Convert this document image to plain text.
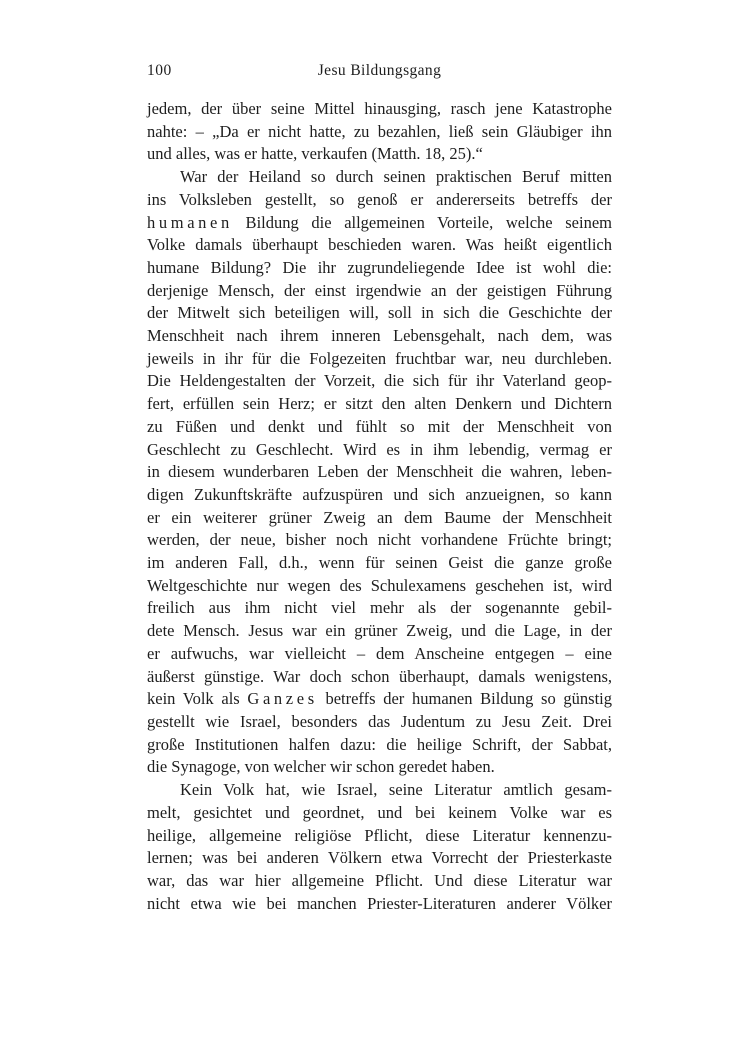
100	Jesu Bildungsgang
jedem, der über seine Mittel hinausging, rasch jene Katastrophe
nahte: – „Da er nicht hatte, zu bezahlen, ließ sein Gläubiger ihn
und alles, was er hatte, verkaufen (Matth. 18, 25).“
War der Heiland so durch seinen praktischen Beruf mitten
ins Volksleben gestellt, so genoß er andererseits betreffs der
humanen Bildung die allgemeinen Vorteile, welche seinem
Volke damals überhaupt beschieden waren. Was heißt eigentlich
humane Bildung? Die ihr zugrundeliegende Idee ist wohl die:
derjenige Mensch, der einst irgendwie an der geistigen Führung
der Mitwelt sich beteiligen will, soll in sich die Geschichte der
Menschheit nach ihrem inneren Lebensgehalt, nach dem, was
jeweils in ihr für die Folgezeiten fruchtbar war, neu durchleben.
Die Heldengestalten der Vorzeit, die sich für ihr Vaterland geop-
fert, erfüllen sein Herz; er sitzt den alten Denkern und Dichtern
zu Füßen und denkt und fühlt so mit der Menschheit von
Geschlecht zu Geschlecht. Wird es in ihm lebendig, vermag er
in diesem wunderbaren Leben der Menschheit die wahren, leben-
digen Zukunftskräfte aufzuspüren und sich anzueignen, so kann
er ein weiterer grüner Zweig an dem Baume der Menschheit
werden, der neue, bisher noch nicht vorhandene Früchte bringt;
im anderen Fall, d.h., wenn für seinen Geist die ganze große
Weltgeschichte nur wegen des Schulexamens geschehen ist, wird
freilich aus ihm nicht viel mehr als der sogenannte gebil-
dete Mensch. Jesus war ein grüner Zweig, und die Lage, in der
er aufwuchs, war vielleicht – dem Anscheine entgegen – eine
äußerst günstige. War doch schon überhaupt, damals wenigstens,
kein Volk als Ganzes betreffs der humanen Bildung so günstig
gestellt wie Israel, besonders das Judentum zu Jesu Zeit. Drei
große Institutionen halfen dazu: die heilige Schrift, der Sabbat,
die Synagoge, von welcher wir schon geredet haben.
Kein Volk hat, wie Israel, seine Literatur amtlich gesam-
melt, gesichtet und geordnet, und bei keinem Volke war es
heilige, allgemeine religiöse Pflicht, diese Literatur kennenzu-
lernen; was bei anderen Völkern etwa Vorrecht der Priesterkaste
war, das war hier allgemeine Pflicht. Und diese Literatur war
nicht etwa wie bei manchen Priester-Literaturen anderer Völker
